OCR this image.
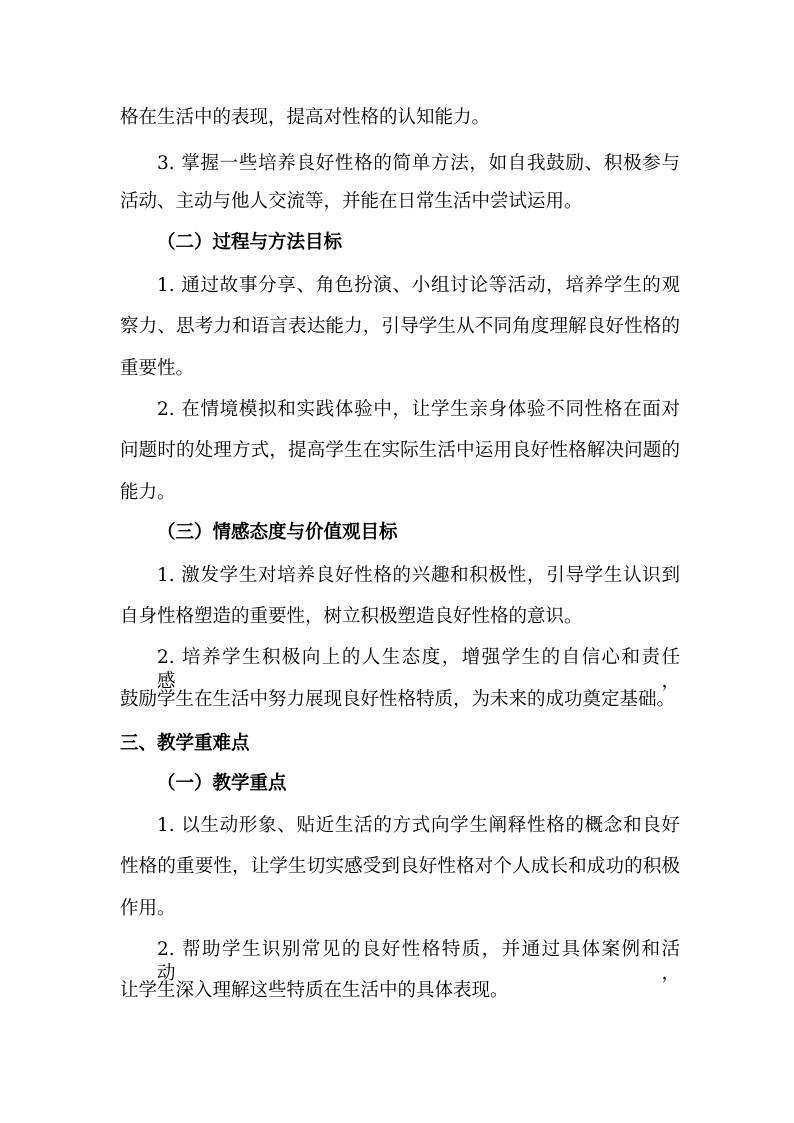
格在生活中的表现，提高对性格的认知能力。
3. 掌握一些培养良好性格的简单方法，如自我鼓励、积极参与
活动、主动与他人交流等，并能在日常生活中尝试运用。
（二）过程与方法目标
1. 通过故事分享、角色扮演、小组讨论等活动，培养学生的观
察力、思考力和语言表达能力，引导学生从不同角度理解良好性格的
重要性。
2. 在情境模拟和实践体验中，让学生亲身体验不同性格在面对
问题时的处理方式，提高学生在实际生活中运用良好性格解决问题的
能力。
（三）情感态度与价值观目标
1. 激发学生对培养良好性格的兴趣和积极性，引导学生认识到
自身性格塑造的重要性，树立积极塑造良好性格的意识。
2. 培养学生积极向上的人生态度，增强学生的自信心和责任感，
鼓励学生在生活中努力展现良好性格特质，为未来的成功奠定基础。
三、教学重难点
（一）教学重点
1. 以生动形象、贴近生活的方式向学生阐释性格的概念和良好
性格的重要性，让学生切实感受到良好性格对个人成长和成功的积极
作用。
2. 帮助学生识别常见的良好性格特质，并通过具体案例和活动，
让学生深入理解这些特质在生活中的具体表现。
